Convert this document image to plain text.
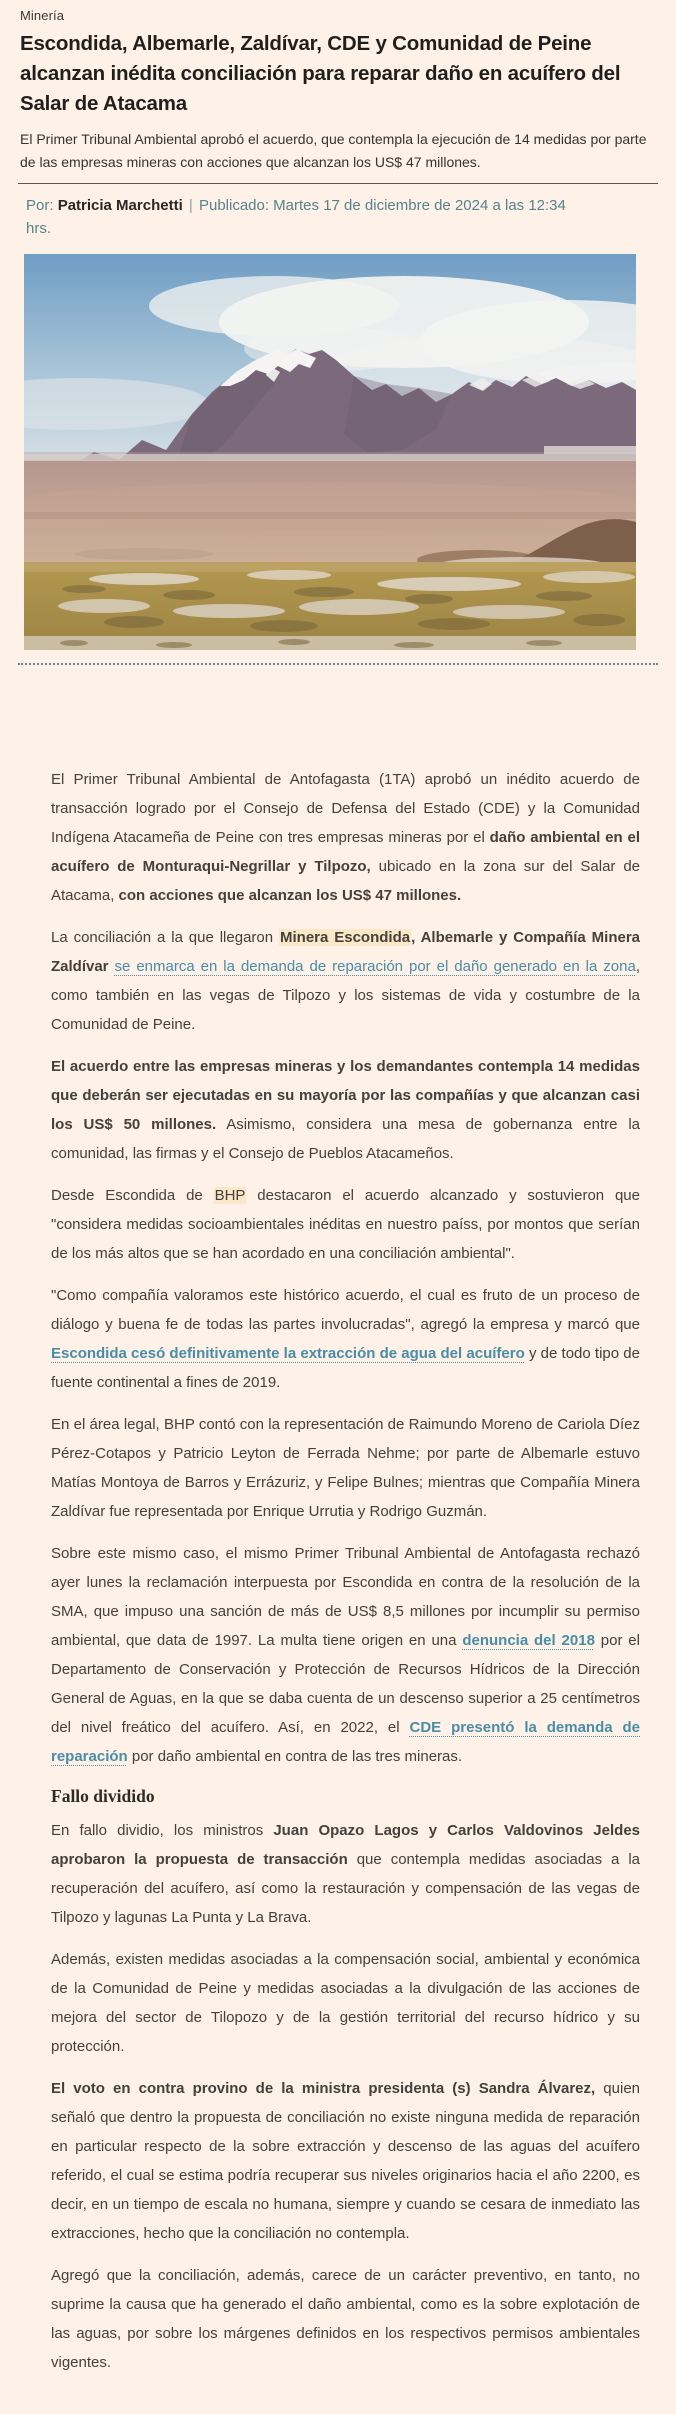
Minería
Escondida, Albemarle, Zaldívar, CDE y Comunidad de Peine alcanzan inédita conciliación para reparar daño en acuífero del Salar de Atacama

El Primer Tribunal Ambiental aprobó el acuerdo, que contempla la ejecución de 14 medidas por parte de las empresas mineras con acciones que alcanzan los US$ 47 millones.

Por: Patricia Marchetti | Publicado: Martes 17 de diciembre de 2024 a las 12:34 hrs.

El Primer Tribunal Ambiental de Antofagasta (1TA) aprobó un inédito acuerdo de transacción logrado por el Consejo de Defensa del Estado (CDE) y la Comunidad Indígena Atacameña de Peine con tres empresas mineras por el daño ambiental en el acuífero de Monturaqui-Negrillar y Tilpozo, ubicado en la zona sur del Salar de Atacama, con acciones que alcanzan los US$ 47 millones.

La conciliación a la que llegaron Minera Escondida, Albemarle y Compañía Minera Zaldívar se enmarca en la demanda de reparación por el daño generado en la zona, como también en las vegas de Tilpozo y los sistemas de vida y costumbre de la Comunidad de Peine.

El acuerdo entre las empresas mineras y los demandantes contempla 14 medidas que deberán ser ejecutadas en su mayoría por las compañías y que alcanzan casi los US$ 50 millones. Asimismo, considera una mesa de gobernanza entre la comunidad, las firmas y el Consejo de Pueblos Atacameños.

Desde Escondida de BHP destacaron el acuerdo alcanzado y sostuvieron que "considera medidas socioambientales inéditas en nuestro paíss, por montos que serían de los más altos que se han acordado en una conciliación ambiental".

"Como compañía valoramos este histórico acuerdo, el cual es fruto de un proceso de diálogo y buena fe de todas las partes involucradas", agregó la empresa y marcó que Escondida cesó definitivamente la extracción de agua del acuífero y de todo tipo de fuente continental a fines de 2019.

En el área legal, BHP contó con la representación de Raimundo Moreno de Cariola Díez Pérez-Cotapos y Patricio Leyton de Ferrada Nehme; por parte de Albemarle estuvo Matías Montoya de Barros y Errázuriz, y Felipe Bulnes; mientras que Compañía Minera Zaldívar fue representada por Enrique Urrutia y Rodrigo Guzmán.

Sobre este mismo caso, el mismo Primer Tribunal Ambiental de Antofagasta rechazó ayer lunes la reclamación interpuesta por Escondida en contra de la resolución de la SMA, que impuso una sanción de más de US$ 8,5 millones por incumplir su permiso ambiental, que data de 1997. La multa tiene origen en una denuncia del 2018 por el Departamento de Conservación y Protección de Recursos Hídricos de la Dirección General de Aguas, en la que se daba cuenta de un descenso superior a 25 centímetros del nivel freático del acuífero. Así, en 2022, el CDE presentó la demanda de reparación por daño ambiental en contra de las tres mineras.

Fallo dividido

En fallo dividio, los ministros Juan Opazo Lagos y Carlos Valdovinos Jeldes aprobaron la propuesta de transacción que contempla medidas asociadas a la recuperación del acuífero, así como la restauración y compensación de las vegas de Tilpozo y lagunas La Punta y La Brava.

Además, existen medidas asociadas a la compensación social, ambiental y económica de la Comunidad de Peine y medidas asociadas a la divulgación de las acciones de mejora del sector de Tilopozo y de la gestión territorial del recurso hídrico y su protección.

El voto en contra provino de la ministra presidenta (s) Sandra Álvarez, quien señaló que dentro la propuesta de conciliación no existe ninguna medida de reparación en particular respecto de la sobre extracción y descenso de las aguas del acuífero referido, el cual se estima podría recuperar sus niveles originarios hacia el año 2200, es decir, en un tiempo de escala no humana, siempre y cuando se cesara de inmediato las extracciones, hecho que la conciliación no contempla.

Agregó que la conciliación, además, carece de un carácter preventivo, en tanto, no suprime la causa que ha generado el daño ambiental, como es la sobre explotación de las aguas, por sobre los márgenes definidos en los respectivos permisos ambientales vigentes.
